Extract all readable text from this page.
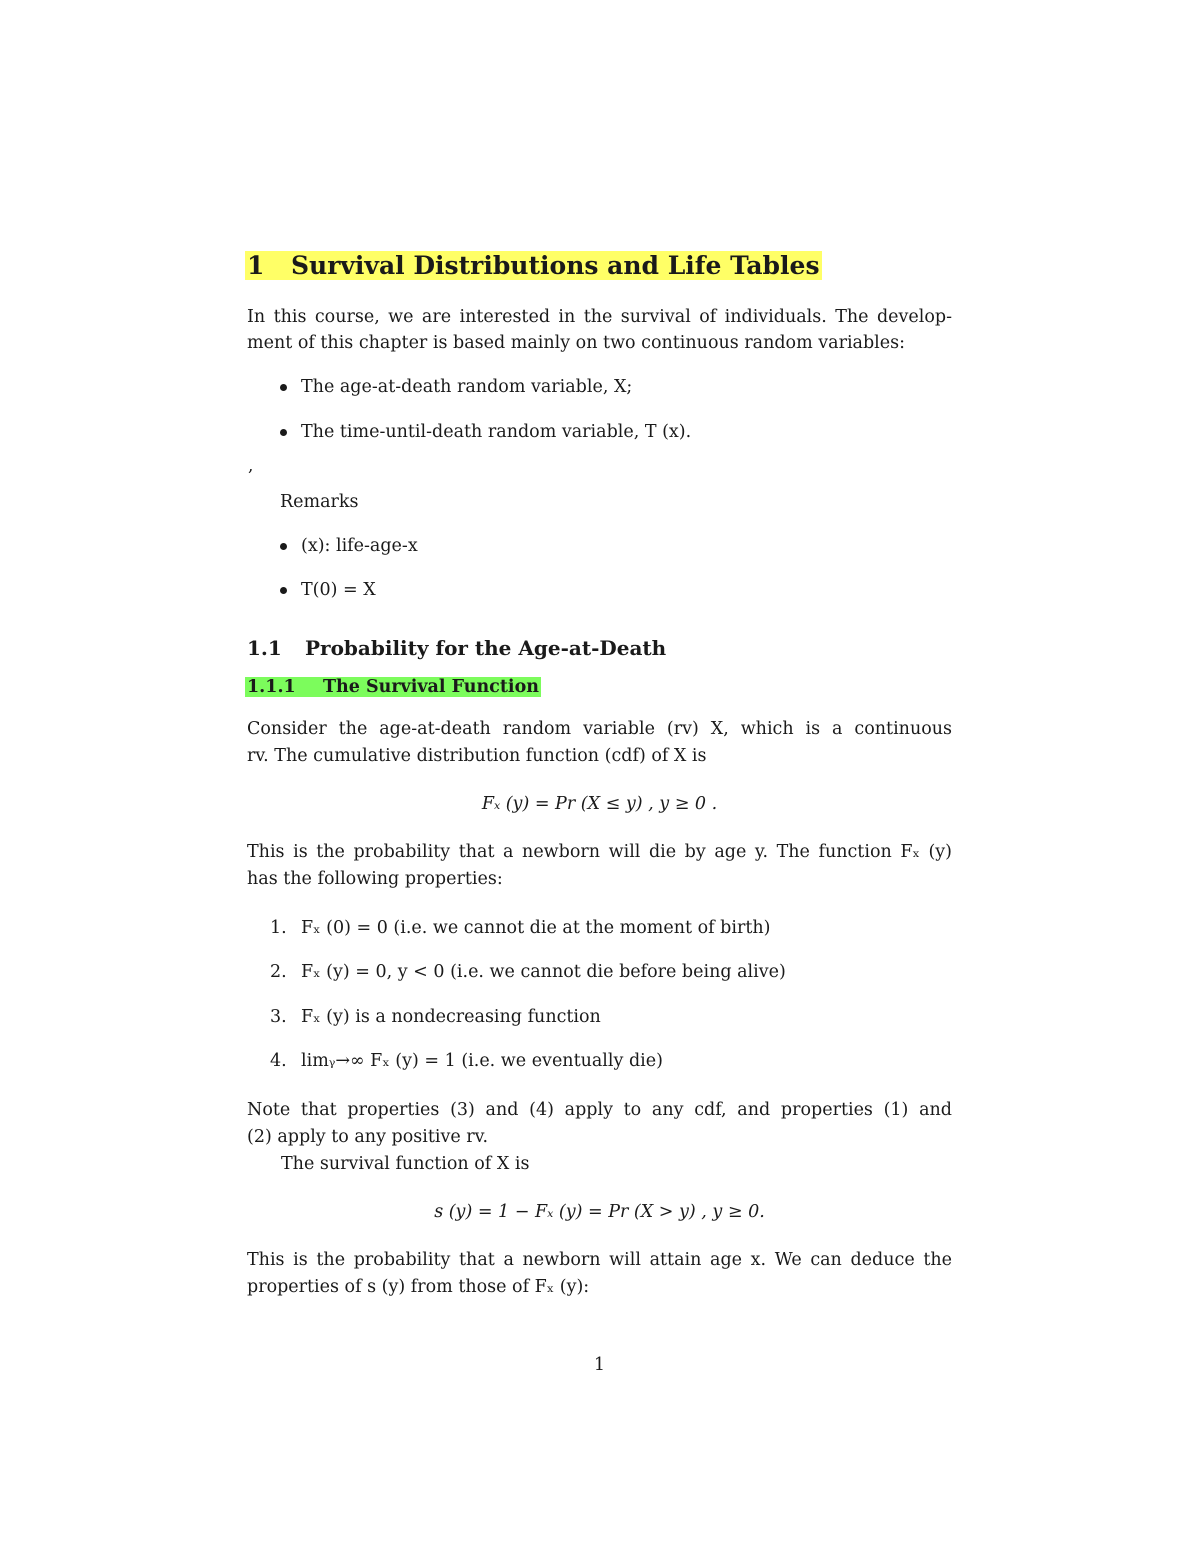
1 Survival Distributions and Life Tables
In this course, we are interested in the survival of individuals. The develop-
ment of this chapter is based mainly on two continuous random variables:
The age-at-death random variable, X;
The time-until-death random variable, T (x).
,
Remarks
(x): life-age-x
T(0) = X
1.1 Probability for the Age-at-Death
1.1.1 The Survival Function
Consider the age-at-death random variable (rv) X, which is a continuous
rv. The cumulative distribution function (cdf) of X is
Fₓ (y) = Pr (X ≤ y) , y ≥ 0 .
This is the probability that a newborn will die by age y. The function Fₓ (y)
has the following properties:
1. Fₓ (0) = 0 (i.e. we cannot die at the moment of birth)
2. Fₓ (y) = 0, y < 0 (i.e. we cannot die before being alive)
3. Fₓ (y) is a nondecreasing function
4. limᵧ→∞ Fₓ (y) = 1 (i.e. we eventually die)
Note that properties (3) and (4) apply to any cdf, and properties (1) and
(2) apply to any positive rv.
The survival function of X is
s (y) = 1 − Fₓ (y) = Pr (X > y) , y ≥ 0.
This is the probability that a newborn will attain age x. We can deduce the
properties of s (y) from those of Fₓ (y):
1
